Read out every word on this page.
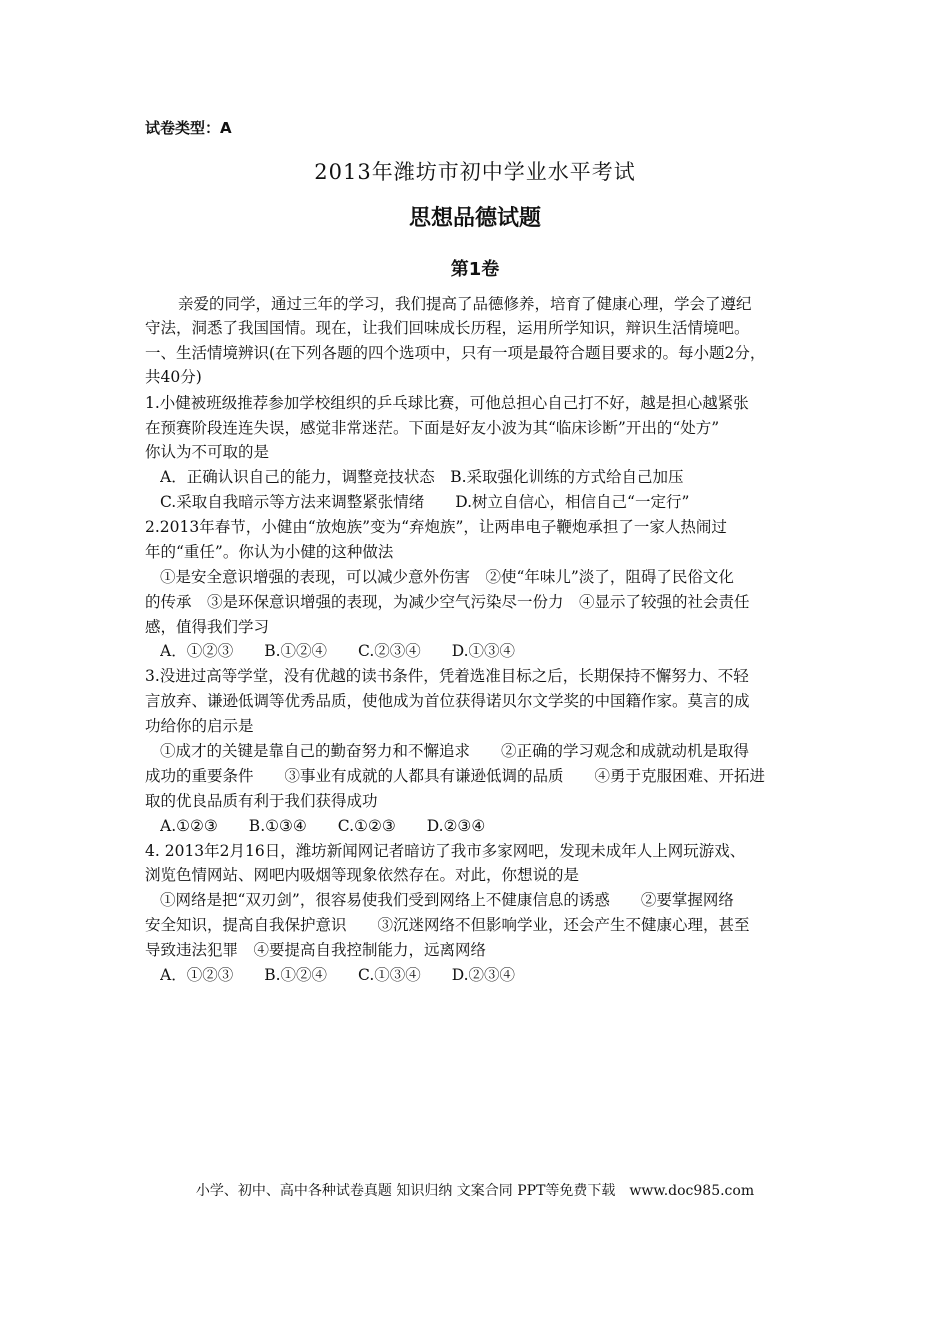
试卷类型：A
2013年潍坊市初中学业水平考试
思想品德试题
第1卷
亲爱的同学，通过三年的学习，我们提高了品德修养，培育了健康心理，学会了遵纪
守法，洞悉了我国国情。现在，让我们回味成长历程，运用所学知识，辩识生活情境吧。
一、生活情境辨识(在下列各题的四个选项中，只有一项是最符合题目要求的。每小题2分，
共40分)
1.小健被班级推荐参加学校组织的乒乓球比赛，可他总担心自己打不好，越是担心越紧张
在预赛阶段连连失误，感觉非常迷茫。下面是好友小波为其“临床诊断”开出的“处方”
你认为不可取的是
A．正确认识自己的能力，调整竞技状态　B.采取强化训练的方式给自己加压
C.采取自我暗示等方法来调整紧张情绪　　D.树立自信心，相信自己“一定行”
2.2013年春节，小健由“放炮族”变为“弃炮族”，让两串电子鞭炮承担了一家人热闹过
年的“重任”。你认为小健的这种做法
①是安全意识增强的表现，可以减少意外伤害　②使“年味儿”淡了，阻碍了民俗文化
的传承　③是环保意识增强的表现，为减少空气污染尽一份力　④显示了较强的社会责任
感，值得我们学习
A．①②③　　B.①②④　　C.②③④　　D.①③④
3.没进过高等学堂，没有优越的读书条件，凭着选准目标之后，长期保持不懈努力、不轻
言放弃、谦逊低调等优秀品质，使他成为首位获得诺贝尔文学奖的中国籍作家。莫言的成
功给你的启示是
①成才的关键是靠自己的勤奋努力和不懈追求　　②正确的学习观念和成就动机是取得
成功的重要条件　　③事业有成就的人都具有谦逊低调的品质　　④勇于克服困难、开拓进
取的优良品质有利于我们获得成功
A.①②③　　B.①③④　　C.①②③　　D.②③④
4. 2013年2月16日，潍坊新闻网记者暗访了我市多家网吧，发现未成年人上网玩游戏、
浏览色情网站、网吧内吸烟等现象依然存在。对此，你想说的是
①网络是把“双刃剑”，很容易使我们受到网络上不健康信息的诱惑　　②要掌握网络
安全知识，提高自我保护意识　　③沉迷网络不但影响学业，还会产生不健康心理，甚至
导致违法犯罪　④要提高自我控制能力，远离网络
A．①②③　　B.①②④　　C.①③④　　D.②③④
小学、初中、高中各种试卷真题 知识归纳 文案合同 PPT等免费下载　www.doc985.com
